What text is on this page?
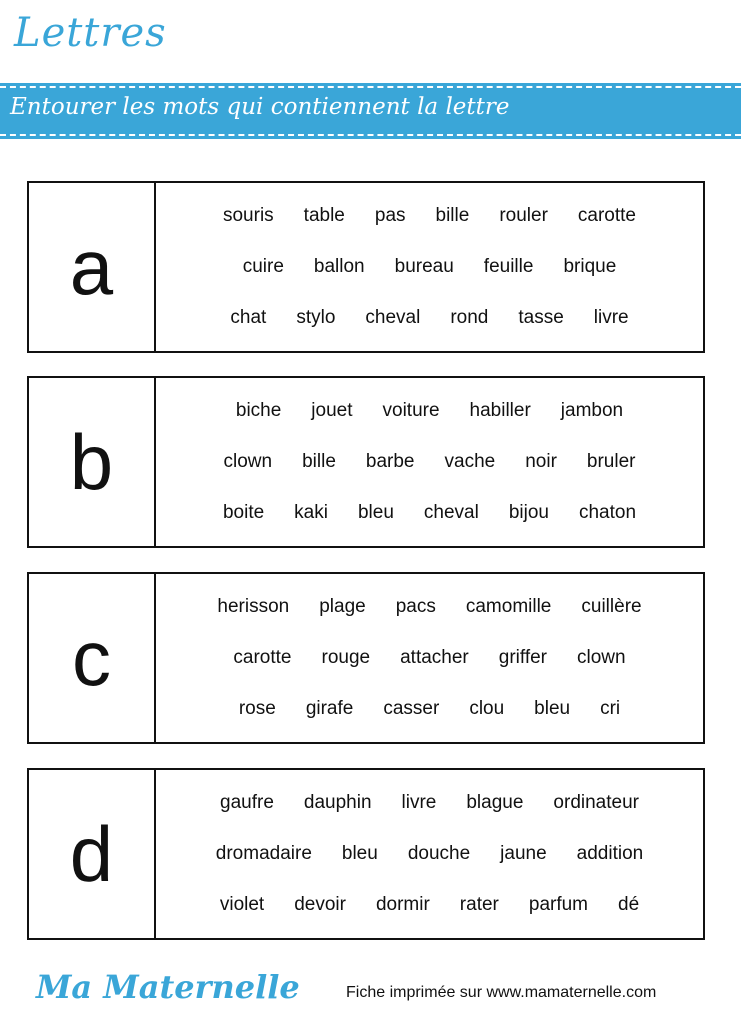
Lettres
Entourer les mots qui contiennent la lettre
a
souris table pas bille rouler carotte
cuire ballon bureau feuille brique
chat stylo cheval rond tasse livre
b
biche jouet voiture habiller jambon
clown bille barbe vache noir bruler
boite kaki bleu cheval bijou chaton
c
herisson plage pacs camomille cuillère
carotte rouge attacher griffer clown
rose girafe casser clou bleu cri
d
gaufre dauphin livre blague ordinateur
dromadaire bleu douche jaune addition
violet devoir dormir rater parfum dé
Ma Maternelle	Fiche imprimée sur www.mamaternelle.com
